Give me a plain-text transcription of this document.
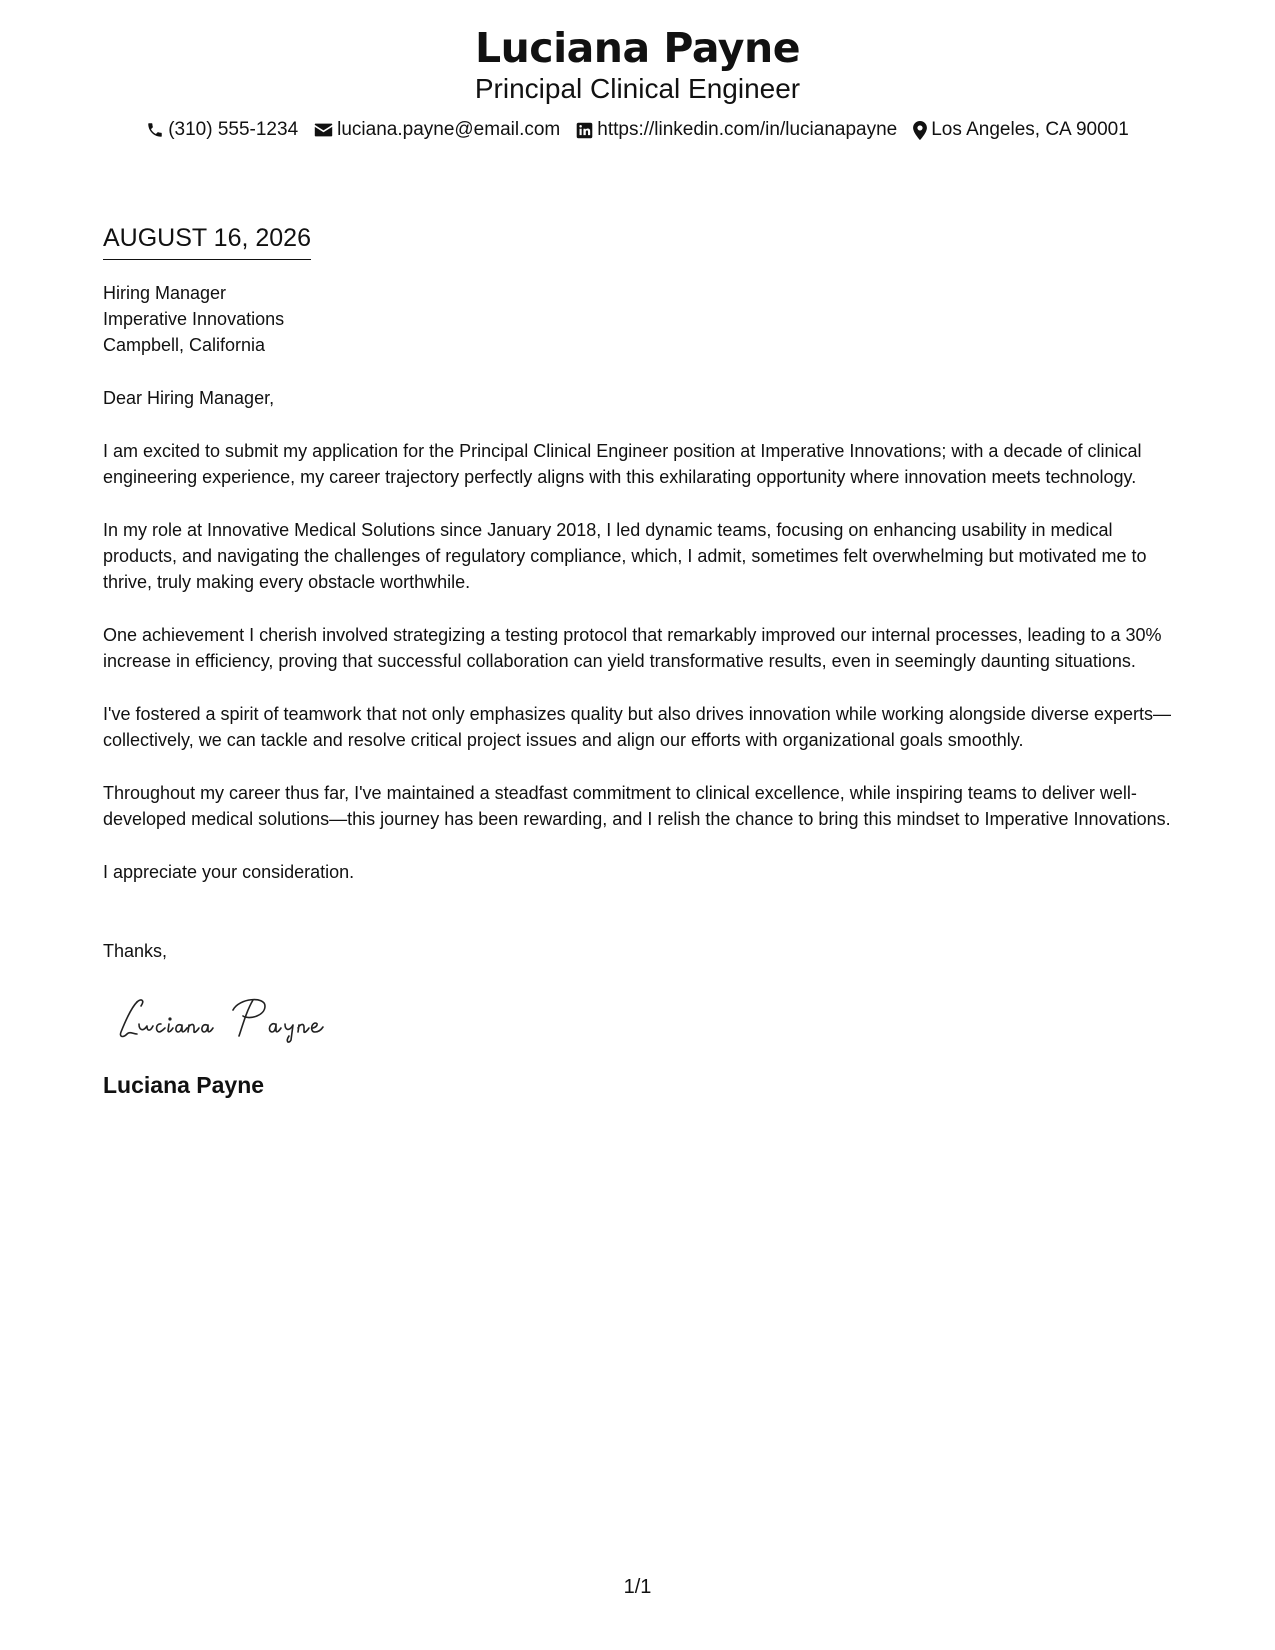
Luciana Payne
Principal Clinical Engineer
(310) 555-1234 luciana.payne@email.com https://linkedin.com/in/lucianapayne Los Angeles, CA 90001
AUGUST 16, 2026
Hiring Manager
Imperative Innovations
Campbell, California
Dear Hiring Manager,

I am excited to submit my application for the Principal Clinical Engineer position at Imperative Innovations; with a decade of clinical engineering experience, my career trajectory perfectly aligns with this exhilarating opportunity where innovation meets technology.

In my role at Innovative Medical Solutions since January 2018, I led dynamic teams, focusing on enhancing usability in medical products, and navigating the challenges of regulatory compliance, which, I admit, sometimes felt overwhelming but motivated me to thrive, truly making every obstacle worthwhile.

One achievement I cherish involved strategizing a testing protocol that remarkably improved our internal processes, leading to a 30% increase in efficiency, proving that successful collaboration can yield transformative results, even in seemingly daunting situations.

I've fostered a spirit of teamwork that not only emphasizes quality but also drives innovation while working alongside diverse experts—collectively, we can tackle and resolve critical project issues and align our efforts with organizational goals smoothly.

Throughout my career thus far, I've maintained a steadfast commitment to clinical excellence, while inspiring teams to deliver well-developed medical solutions—this journey has been rewarding, and I relish the chance to bring this mindset to Imperative Innovations.

I appreciate your consideration.
Thanks,
Luciana Payne
1/1
